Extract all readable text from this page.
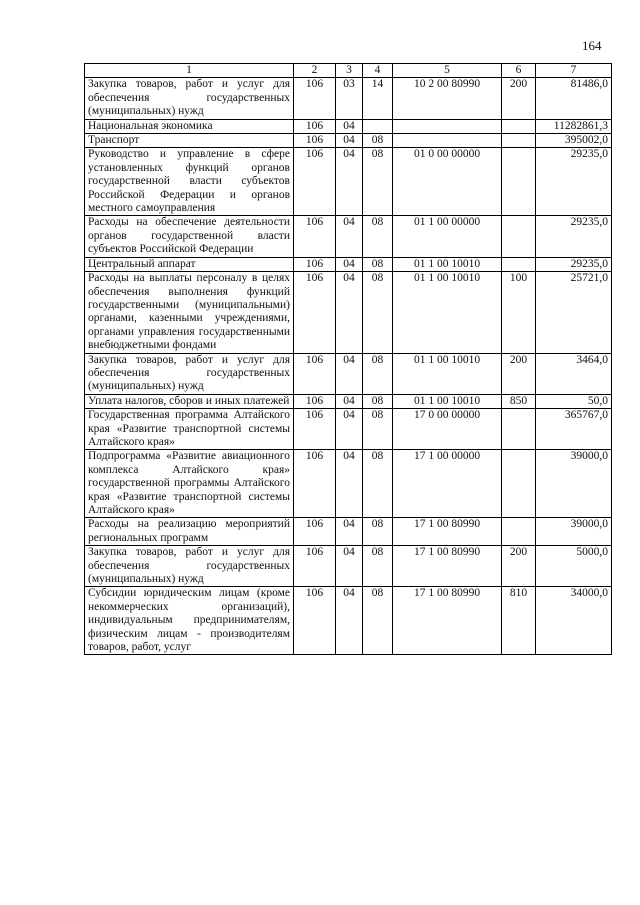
164
1	2	3	4	5	6	7
Закупка товаров, работ и услуг для обеспечения государственных (муниципальных) нужд	106	03	14	10 2 00 80990	200	81486,0
Национальная экономика	106	04				11282861,3
Транспорт	106	04	08			395002,0
Руководство и управление в сфере установленных функций органов государственной власти субъектов Российской Федерации и органов местного самоуправления	106	04	08	01 0 00 00000		29235,0
Расходы на обеспечение деятельности органов государственной власти субъектов Российской Федерации	106	04	08	01 1 00 00000		29235,0
Центральный аппарат	106	04	08	01 1 00 10010		29235,0
Расходы на выплаты персоналу в целях обеспечения выполнения функций государственными (муниципальными) органами, казенными учреждениями, органами управления государственными внебюджетными фондами	106	04	08	01 1 00 10010	100	25721,0
Закупка товаров, работ и услуг для обеспечения государственных (муниципальных) нужд	106	04	08	01 1 00 10010	200	3464,0
Уплата налогов, сборов и иных платежей	106	04	08	01 1 00 10010	850	50,0
Государственная программа Алтайского края «Развитие транспортной системы Алтайского края»	106	04	08	17 0 00 00000		365767,0
Подпрограмма «Развитие авиационного комплекса Алтайского края» государственной программы Алтайского края «Развитие транспортной системы Алтайского края»	106	04	08	17 1 00 00000		39000,0
Расходы на реализацию мероприятий региональных программ	106	04	08	17 1 00 80990		39000,0
Закупка товаров, работ и услуг для обеспечения государственных (муниципальных) нужд	106	04	08	17 1 00 80990	200	5000,0
Субсидии юридическим лицам (кроме некоммерческих организаций), индивидуальным предпринимателям, физическим лицам - производителям товаров, работ, услуг	106	04	08	17 1 00 80990	810	34000,0
